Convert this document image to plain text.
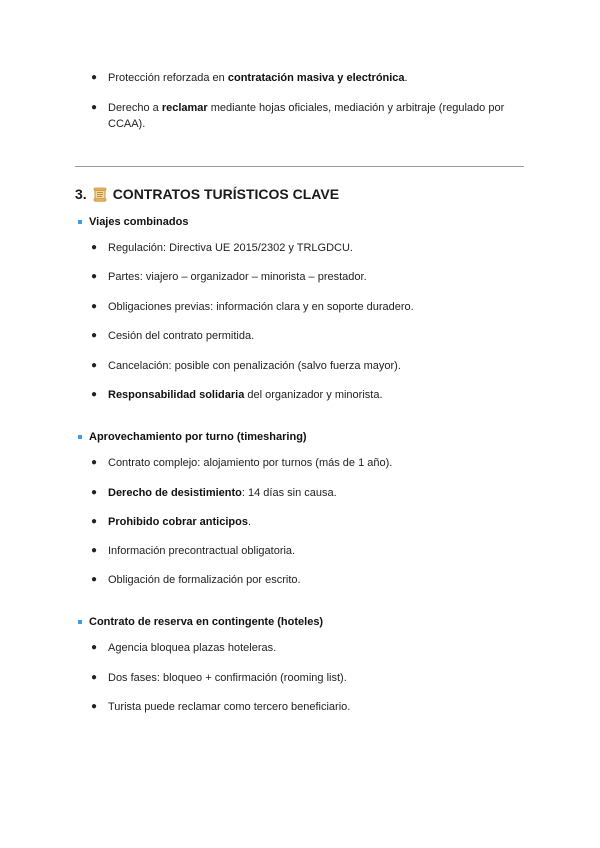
● Protección reforzada en contratación masiva y electrónica.
● Derecho a reclamar mediante hojas oficiales, mediación y arbitraje (regulado por
CCAA).
3. CONTRATOS TURÍSTICOS CLAVE
Viajes combinados
● Regulación: Directiva UE 2015/2302 y TRLGDCU.
● Partes: viajero – organizador – minorista – prestador.
● Obligaciones previas: información clara y en soporte duradero.
● Cesión del contrato permitida.
● Cancelación: posible con penalización (salvo fuerza mayor).
● Responsabilidad solidaria del organizador y minorista.
Aprovechamiento por turno (timesharing)
● Contrato complejo: alojamiento por turnos (más de 1 año).
● Derecho de desistimiento: 14 días sin causa.
● Prohibido cobrar anticipos.
● Información precontractual obligatoria.
● Obligación de formalización por escrito.
Contrato de reserva en contingente (hoteles)
● Agencia bloquea plazas hoteleras.
● Dos fases: bloqueo + confirmación (rooming list).
● Turista puede reclamar como tercero beneficiario.
